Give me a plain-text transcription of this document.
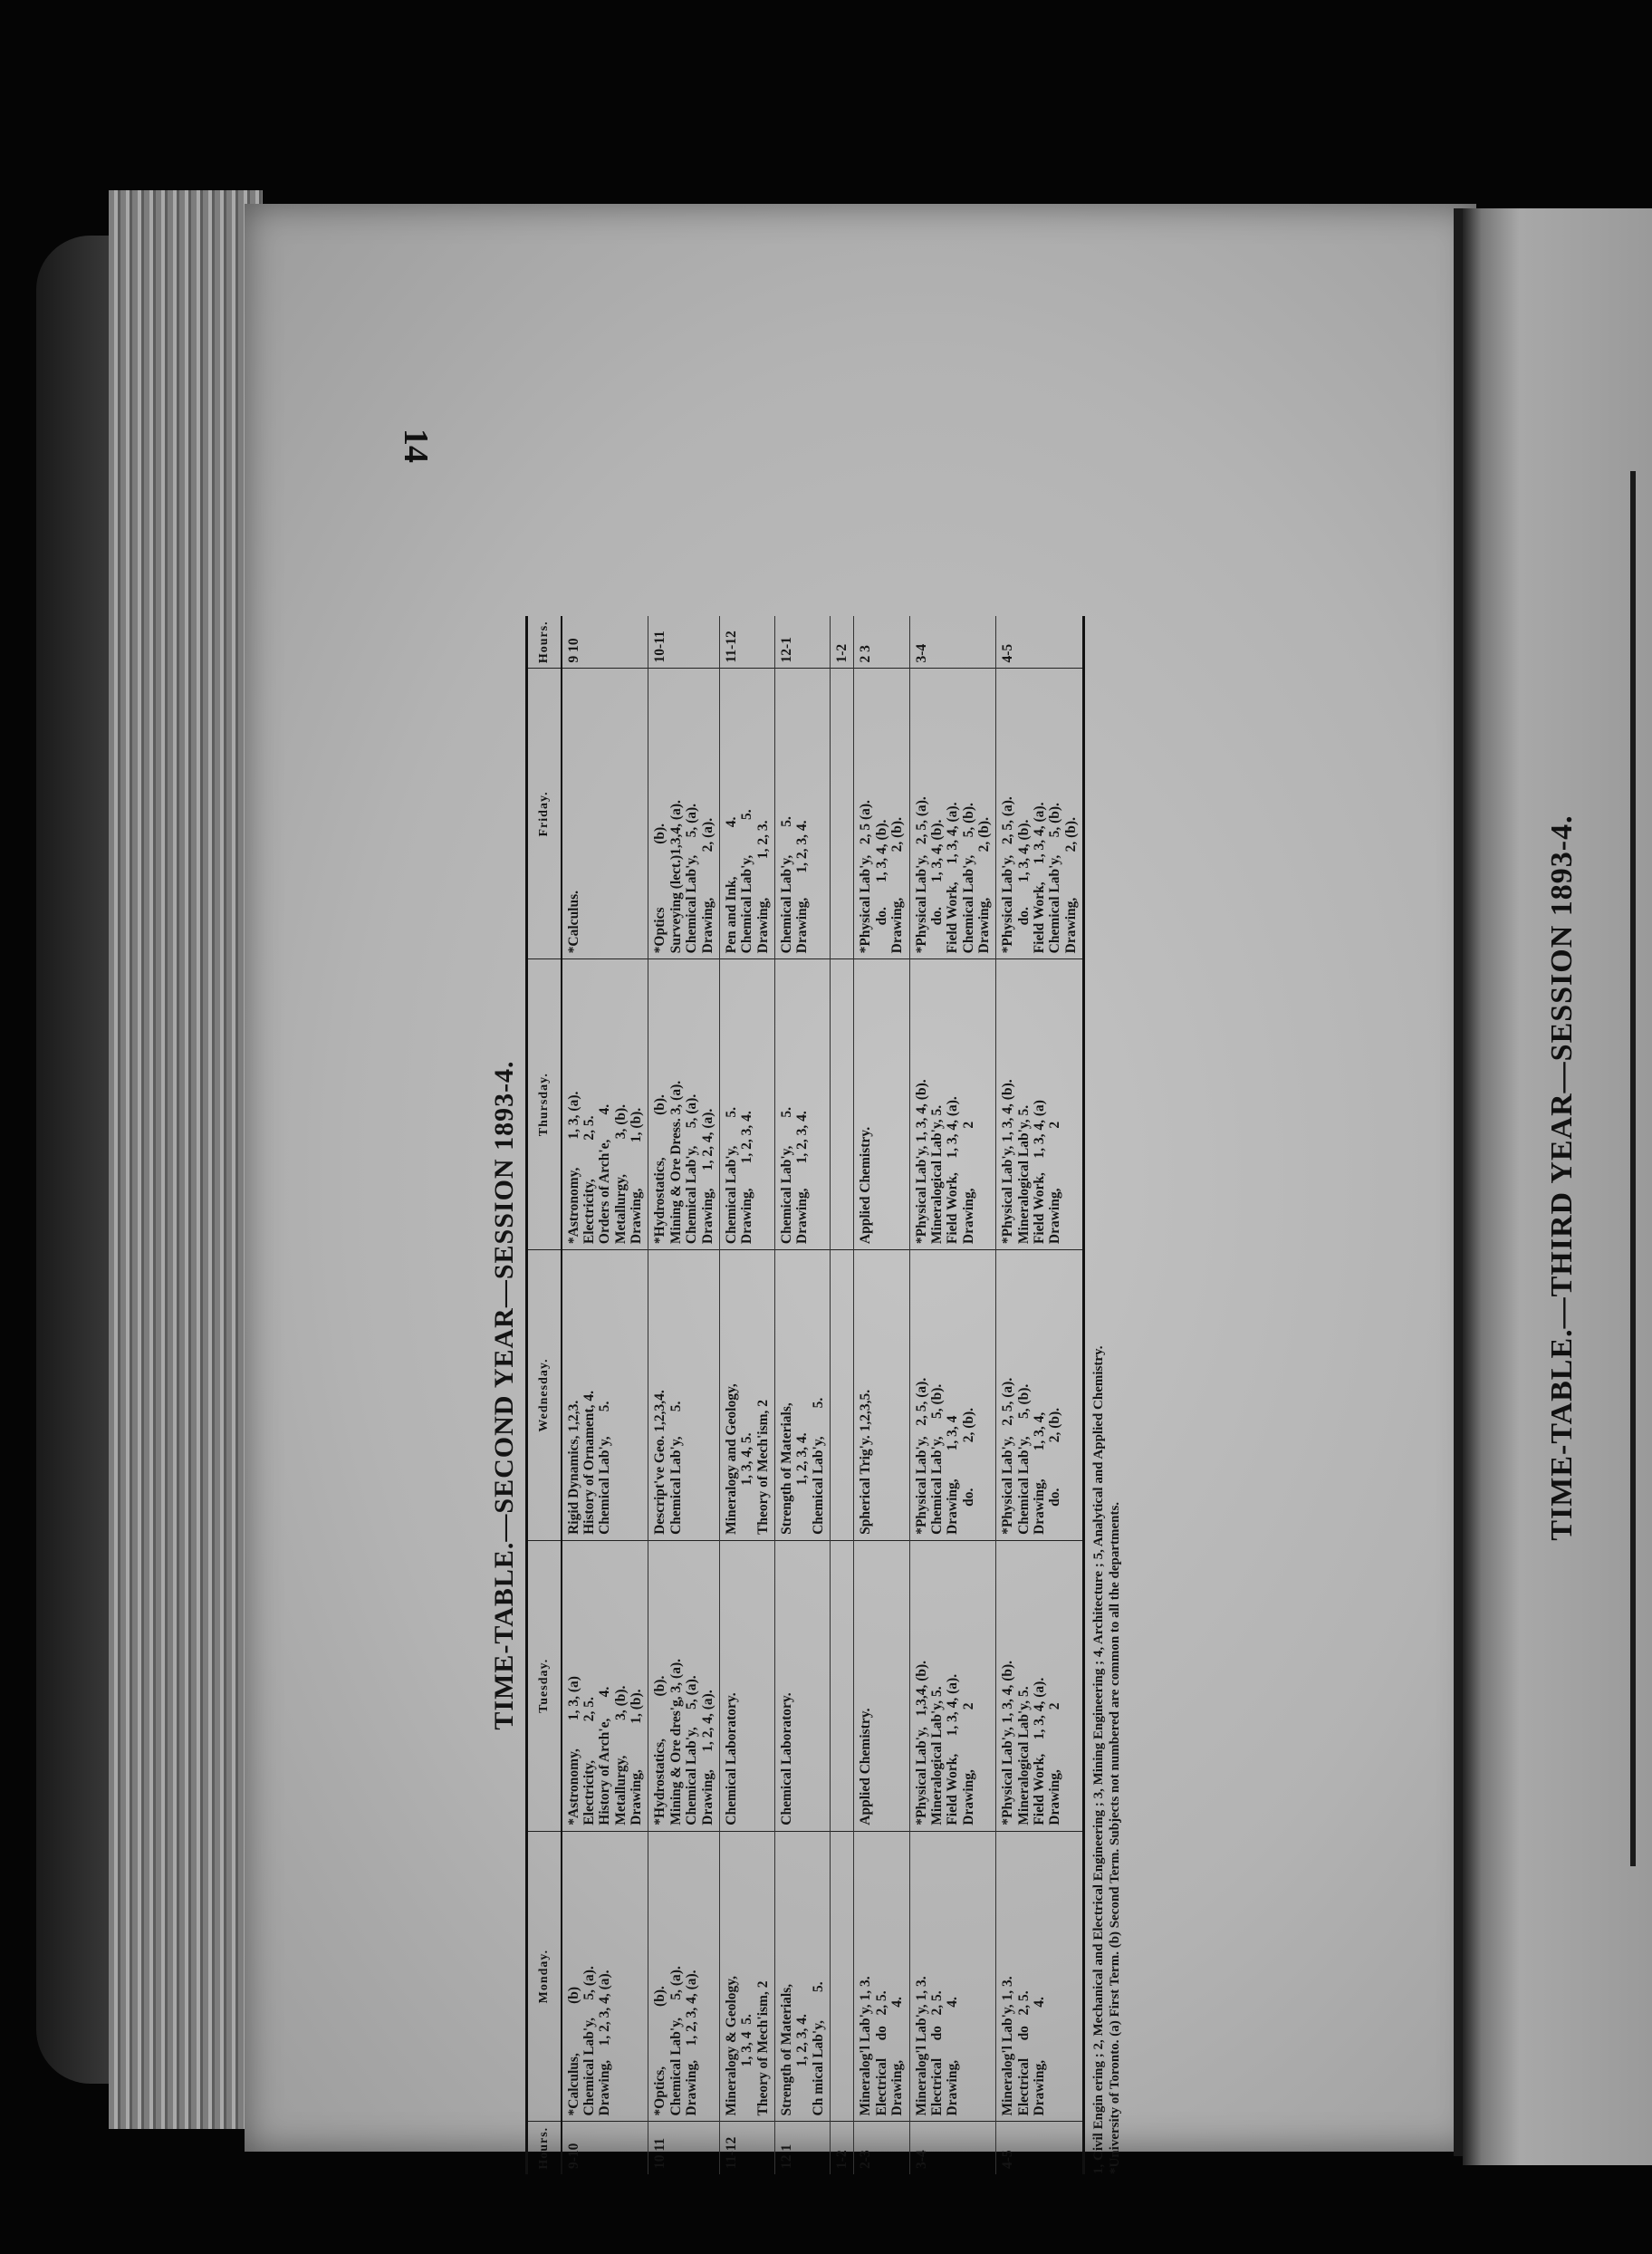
TIME-TABLE.—THIRD YEAR—SESSION 1893-4.
14
TIME-TABLE.—SECOND YEAR—SESSION 1893-4.
Hours.	Monday.	Tuesday.	Wednesday.	Thursday.	Friday.	Hours.
9-10	*Calculus,              (b)
Chemical Lab'y,     5, (a).
Drawing,    1, 2, 3, 4, (a).	*Astronomy,        1, 3, (a)
Electricity,           2, 5.
History of Arch'e,      4.
Metallurgy,          3, (b).
Drawing,             1, (b).	Rigid Dynamics, 1,2,3.
History of Ornament, 4.
Chemical Lab'y,       5.	*Astronomy,        1, 3, (a).
Electricity,           2, 5.
Orders of Arch'e,       4.
Metallurgy,          3, (b).
Drawing,             1, (b).	*Calculus.	9 10
10 11	*Optics,                 (b).
Chemical Lab'y,     5, (a).
Drawing,    1, 2, 3, 4, (a).	*Hydrostatics,            (b).
Mining & Ore dres'g, 3, (a).
Chemical Lab'y,     5, (a).
Drawing,     1, 2, 4, (a).	Descript've Geo. 1,2,3,4.
Chemical Lab'y,       5.	*Hydrostatics,            (b).
Mining & Ore Dress. 3, (a).
Chemical Lab'y,     5, (a).
Drawing,     1, 2, 4, (a).	*Optics                  (b).
Surveying (lect.)1,3,4, (a).
Chemical Lab'y,     5, (a).
Drawing,             2, (a).	10-11
11-12	Mineralogy & Geology,
1, 3, 4  5.
Theory of Mech'ism, 2	Chemical Laboratory.	Mineralogy and Geology,
1, 3, 4, 5.
Theory of Mech'ism, 2	Chemical Lab'y,        5.
Drawing,       1, 2, 3, 4.	Pen and Ink,              4.
Chemical Lab'y,          5.
Drawing,           1, 2, 3.	11-12
12 1	Strength of Materials,
1, 2, 3, 4.
Ch mical Lab'y,        5.	Chemical Laboratory.	Strength of Materials,
1, 2, 3, 4.
Chemical Lab'y,        5.	Chemical Lab'y,        5.
Drawing,       1, 2, 3, 4.	Chemical Lab'y,        5.
Drawing,       1, 2, 3, 4.	12-1
1-2						1-2
2-3	Mineralog'l Lab'y, 1, 3.
Electrical     do   2, 5.
Drawing,               4.	Applied Chemistry.	Spherical Trig'y. 1,2,3,5.	Applied Chemistry.	*Physical Lab'y,   2, 5 (a).
do.       1, 3, 4, (b).
Drawing,             2, (b).	2 3
3-4	Mineralog'l Lab'y, 1, 3.
Electrical     do   2, 5.
Drawing,               4.	*Physical Lab'y,   1,3,4, (b).
Mineralogical Lab'y, 5.
Field Work,     1, 3, 4, (a).
Drawing,                 2	*Physical Lab'y,   2, 5, (a).
Chemical Lab'y,     5, (b).
Drawing,        1, 3, 4
do.             2, (b).	*Physical Lab'y, 1, 3, 4, (b).
Mineralogical Lab'y, 5.
Field Work,    1, 3, 4, (a).
Drawing,                 2	*Physical Lab'y,   2, 5, (a).
do.       1, 3, 4, (b).
Field Work,     1, 3, 4, (a).
Chemical Lab'y,     5, (b).
Drawing,             2, (b).	3-4
4-5	Mineralog'l Lab'y, 1, 3.
Electrical     do   2, 5.
Drawing,               4.	*Physical Lab'y, 1, 3, 4, (b).
Mineralogical Lab'y, 5.
Field Work,    1, 3, 4, (a).
Drawing,                 2	*Physical Lab'y,   2, 5, (a).
Chemical Lab'y,     5, (b).
Drawing,        1, 3, 4,
do.             2, (b).	*Physical Lab'y, 1, 3, 4, (b).
Mineralogical Lab'y, 5.
Field Work,    1, 3, 4, (a)
Drawing,                 2	*Physical Lab'y,   2, 5, (a).
do.       1, 3, 4, (b).
Field Work,     1, 3, 4, (a).
Chemical Lab'y,     5, (b).
Drawing,             2, (b).	4-5
1, Civil Engin ering ; 2, Mechanical and Electrical Engineering ; 3, Mining Engineering ; 4, Architecture ; 5, Analytical and Applied Chemistry. *University of Toronto. (a) First Term. (b) Second Term. Subjects not numbered are common to all the departments.
